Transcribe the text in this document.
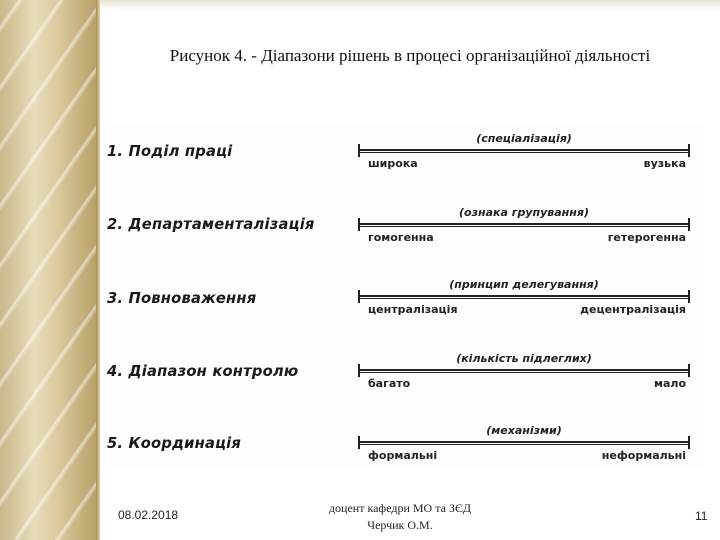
Рисунок 4. - Діапазони рішень в процесі організаційної діяльності
1. Поділ праці
(спеціалізація)
широка	вузька
2. Департаменталізація
(ознака групування)
гомогенна	гетерогенна
3. Повноваження
(принцип делегування)
централізація	децентралізація
4. Діапазон контролю
(кількість підлеглих)
багато	мало
5. Координація
(механізми)
формальні	неформальні
08.02.2018	доцент кафедри МО та ЗЄД
Черчик О.М.
11
